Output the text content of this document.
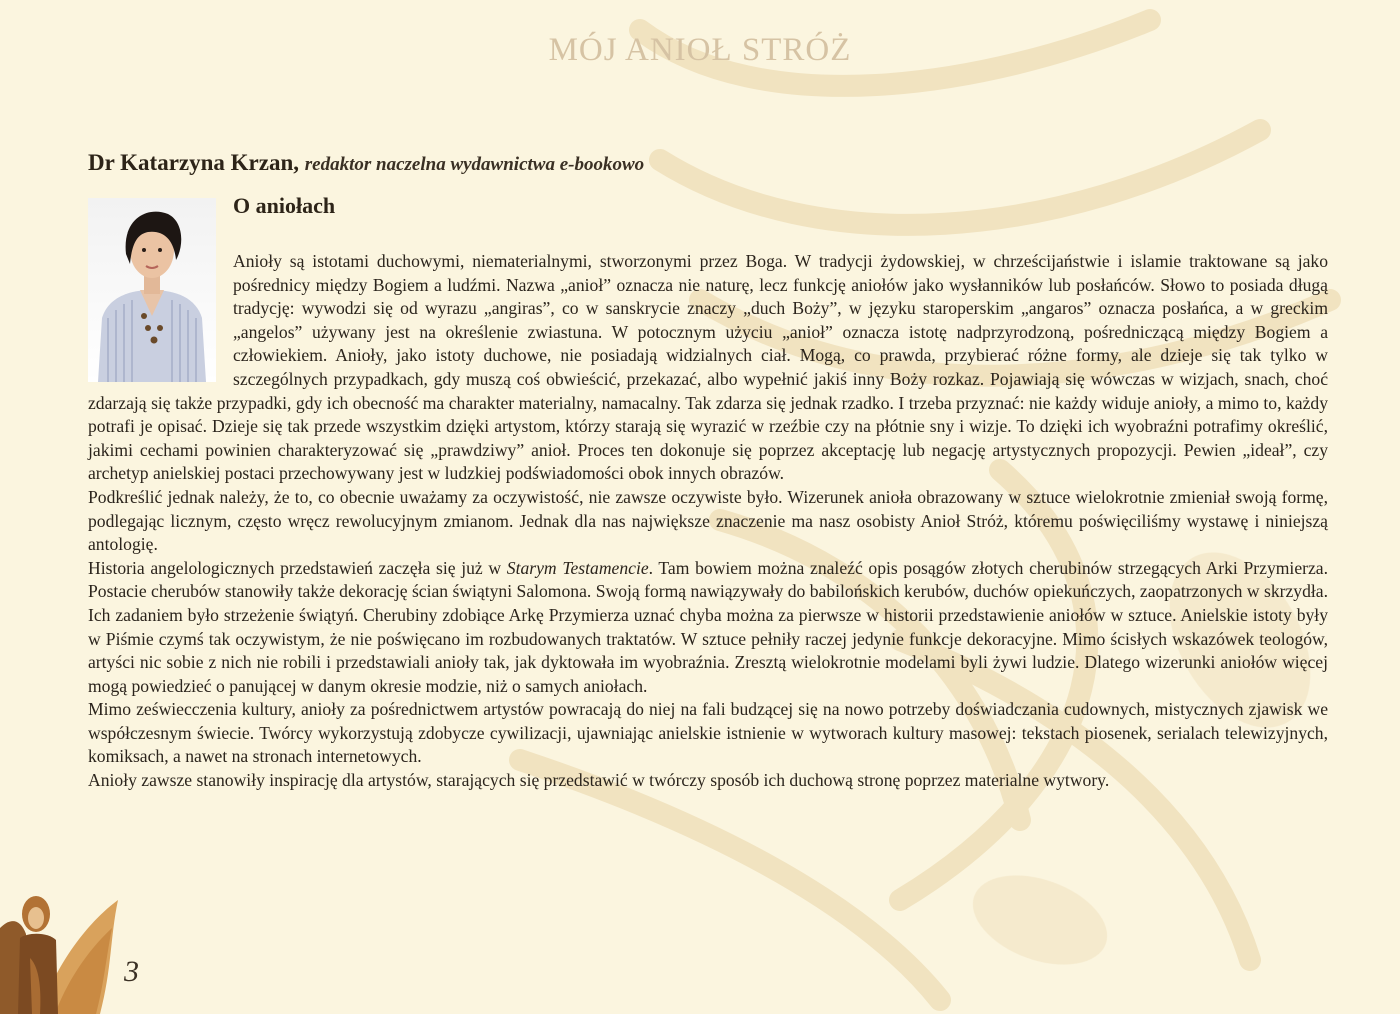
MÓJ ANIOŁ STRÓŻ
Dr Katarzyna Krzan, redaktor naczelna wydawnictwa e-bookowo
O aniołach

Anioły są istotami duchowymi, niematerialnymi, stworzonymi przez Boga. W tradycji żydowskiej, w chrześcijaństwie i islamie traktowane są jako pośrednicy między Bogiem a ludźmi. Nazwa „anioł” oznacza nie naturę, lecz funkcję aniołów jako wysłanników lub posłańców. Słowo to posiada długą tradycję: wywodzi się od wyrazu „angiras”, co w sanskrycie znaczy „duch Boży”, w języku staroperskim „angaros” oznacza posłańca, a w greckim „angelos” używany jest na określenie zwiastuna. W potocznym użyciu „anioł” oznacza istotę nadprzyrodzoną, pośredniczącą między Bogiem a człowiekiem. Anioły, jako istoty duchowe, nie posiadają widzialnych ciał. Mogą, co prawda, przybierać różne formy, ale dzieje się tak tylko w szczególnych przypadkach, gdy muszą coś obwieścić, przekazać, albo wypełnić jakiś inny Boży rozkaz. Pojawiają się wówczas w wizjach, snach, choć zdarzają się także przypadki, gdy ich obecność ma charakter materialny, namacalny. Tak zdarza się jednak rzadko. I trzeba przyznać: nie każdy widuje anioły, a mimo to, każdy potrafi je opisać. Dzieje się tak przede wszystkim dzięki artystom, którzy starają się wyrazić w rzeźbie czy na płótnie sny i wizje. To dzięki ich wyobraźni potrafimy określić, jakimi cechami powinien charakteryzować się „prawdziwy” anioł. Proces ten dokonuje się poprzez akceptację lub negację artystycznych propozycji. Pewien „ideał”, czy archetyp anielskiej postaci przechowywany jest w ludzkiej podświadomości obok innych obrazów.

Podkreślić jednak należy, że to, co obecnie uważamy za oczywistość, nie zawsze oczywiste było. Wizerunek anioła obrazowany w sztuce wielokrotnie zmieniał swoją formę, podlegając licznym, często wręcz rewolucyjnym zmianom. Jednak dla nas największe znaczenie ma nasz osobisty Anioł Stróż, któremu poświęciliśmy wystawę i niniejszą antologię.

Historia angelologicznych przedstawień zaczęła się już w Starym Testamencie. Tam bowiem można znaleźć opis posągów złotych cherubinów strzegących Arki Przymierza. Postacie cherubów stanowiły także dekorację ścian świątyni Salomona. Swoją formą nawiązywały do babilońskich kerubów, duchów opiekuńczych, zaopatrzonych w skrzydła. Ich zadaniem było strzeżenie świątyń. Cherubiny zdobiące Arkę Przymierza uznać chyba można za pierwsze w historii przedstawienie aniołów w sztuce. Anielskie istoty były w Piśmie czymś tak oczywistym, że nie poświęcano im rozbudowanych traktatów. W sztuce pełniły raczej jedynie funkcje dekoracyjne. Mimo ścisłych wskazówek teologów, artyści nic sobie z nich nie robili i przedstawiali anioły tak, jak dyktowała im wyobraźnia. Zresztą wielokrotnie modelami byli żywi ludzie. Dlatego wizerunki aniołów więcej mogą powiedzieć o panującej w danym okresie modzie, niż o samych aniołach.

Mimo zeświecczenia kultury, anioły za pośrednictwem artystów powracają do niej na fali budzącej się na nowo potrzeby doświadczania cudownych, mistycznych zjawisk we współczesnym świecie. Twórcy wykorzystują zdobycze cywilizacji, ujawniając anielskie istnienie w wytworach kultury masowej: tekstach piosenek, serialach telewizyjnych, komiksach, a nawet na stronach internetowych.

Anioły zawsze stanowiły inspirację dla artystów, starających się przedstawić w twórczy sposób ich duchową stronę poprzez materialne wytwory.

3
